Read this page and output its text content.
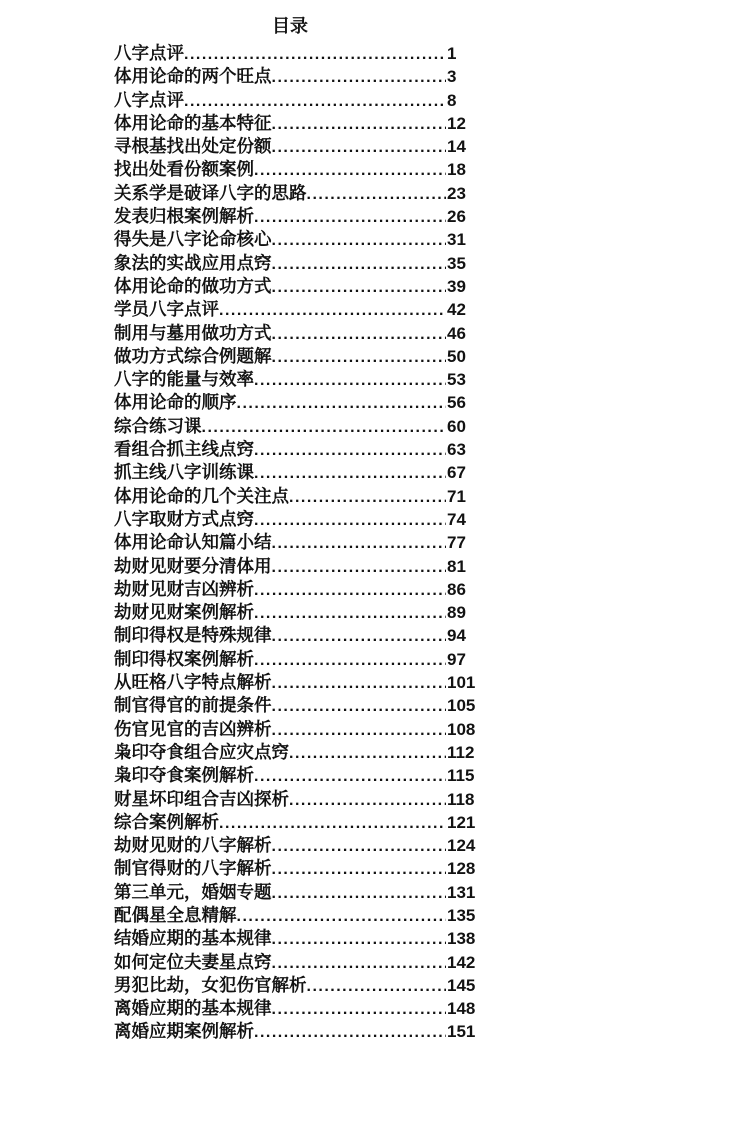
目录
八字点评 .....	1
体用论命的两个旺点 .....	3
八字点评 .....	8
体用论命的基本特征 .....	12
寻根基找出处定份额 .....	14
找出处看份额案例 .....	18
关系学是破译八字的思路 .....	23
发表归根案例解析 .....	26
得失是八字论命核心 .....	31
象法的实战应用点窍 .....	35
体用论命的做功方式 .....	39
学员八字点评 .....	42
制用与墓用做功方式 .....	46
做功方式综合例题解 .....	50
八字的能量与效率 .....	53
体用论命的顺序 .....	56
综合练习课 .....	60
看组合抓主线点窍 .....	63
抓主线八字训练课 .....	67
体用论命的几个关注点 .....	71
八字取财方式点窍 .....	74
体用论命认知篇小结 .....	77
劫财见财要分清体用 .....	81
劫财见财吉凶辨析 .....	86
劫财见财案例解析 .....	89
制印得权是特殊规律 .....	94
制印得权案例解析 .....	97
从旺格八字特点解析 .....	101
制官得官的前提条件 .....	105
伤官见官的吉凶辨析 .....	108
枭印夺食组合应灾点窍 .....	112
枭印夺食案例解析 .....	115
财星坏印组合吉凶探析 .....	118
综合案例解析 .....	121
劫财见财的八字解析 .....	124
制官得财的八字解析 .....	128
第三单元，婚姻专题 .....	131
配偶星全息精解 .....	135
结婚应期的基本规律 .....	138
如何定位夫妻星点窍 .....	142
男犯比劫，女犯伤官解析 .....	145
离婚应期的基本规律 .....	148
离婚应期案例解析 .....	151
